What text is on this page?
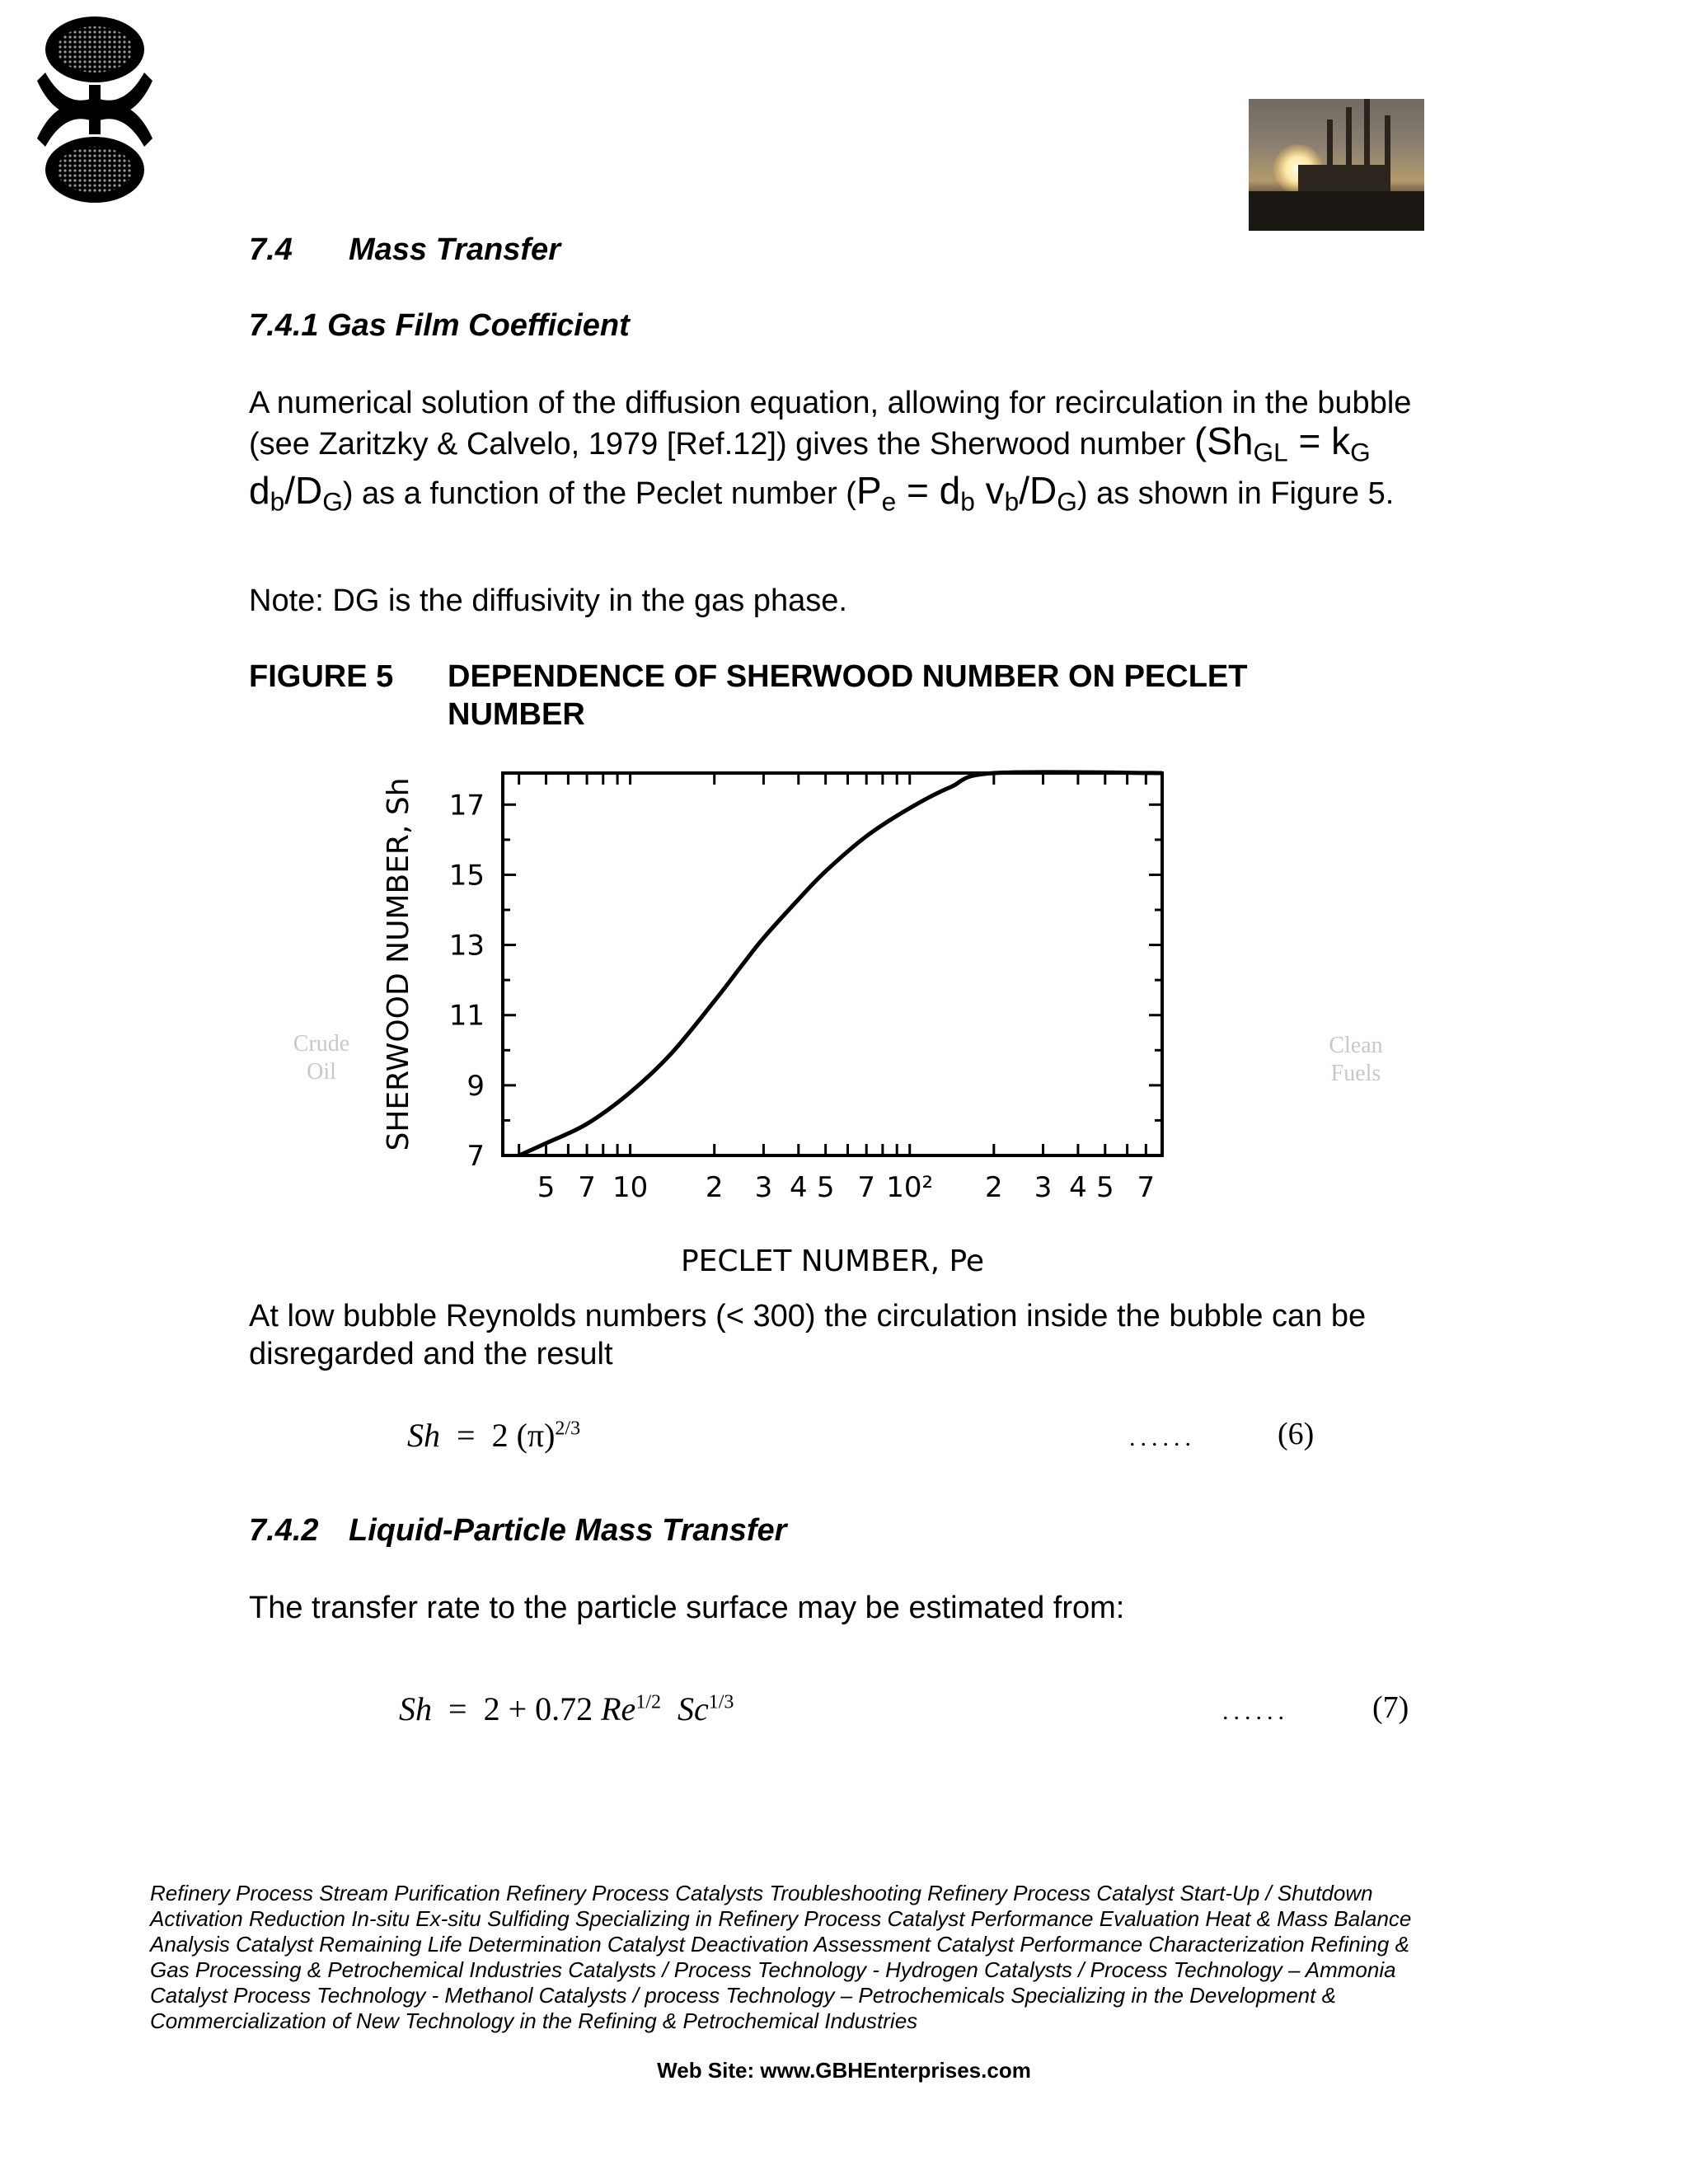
7.4 Mass Transfer
7.4.1 Gas Film Coefficient
A numerical solution of the diffusion equation, allowing for recirculation in the bubble (see Zaritzky & Calvelo, 1979 [Ref.12]) gives the Sherwood number ($Sh_{GL} = k_G$ $d_b/D_G$) as a function of the Peclet number ($P_e = d_b$ $v_b/D_G$) as shown in Figure 5.
Note: DG is the diffusivity in the gas phase.
FIGURE 5 DEPENDENCE OF SHERWOOD NUMBER ON PECLET NUMBER
Crude Oil
Clean Fuels
5 7 10 2 3 4 5 7 10² 2 3 4 5 7
7
9
11
13
15
17
PECLET NUMBER, Pe
SHERWOOD NUMBER, Sh
At low bubble Reynolds numbers (< 300) the circulation inside the bubble can be disregarded and the result
Sh  =  2 $(\pi)^{2/3}$	......	(6)
7.4.2 Liquid-Particle Mass Transfer
The transfer rate to the particle surface may be estimated from:
Sh  =  2 + 0.72 $Re^{1/2}$ $Sc^{1/3}$	......	(7)
Refinery Process Stream Purification Refinery Process Catalysts Troubleshooting Refinery Process Catalyst Start-Up / Shutdown Activation Reduction In-situ Ex-situ Sulfiding Specializing in Refinery Process Catalyst Performance Evaluation Heat & Mass Balance Analysis Catalyst Remaining Life Determination Catalyst Deactivation Assessment Catalyst Performance Characterization Refining & Gas Processing & Petrochemical Industries Catalysts / Process Technology - Hydrogen Catalysts / Process Technology – Ammonia Catalyst Process Technology - Methanol Catalysts / process Technology – Petrochemicals Specializing in the Development & Commercialization of New Technology in the Refining & Petrochemical Industries
Web Site: www.GBHEnterprises.com
